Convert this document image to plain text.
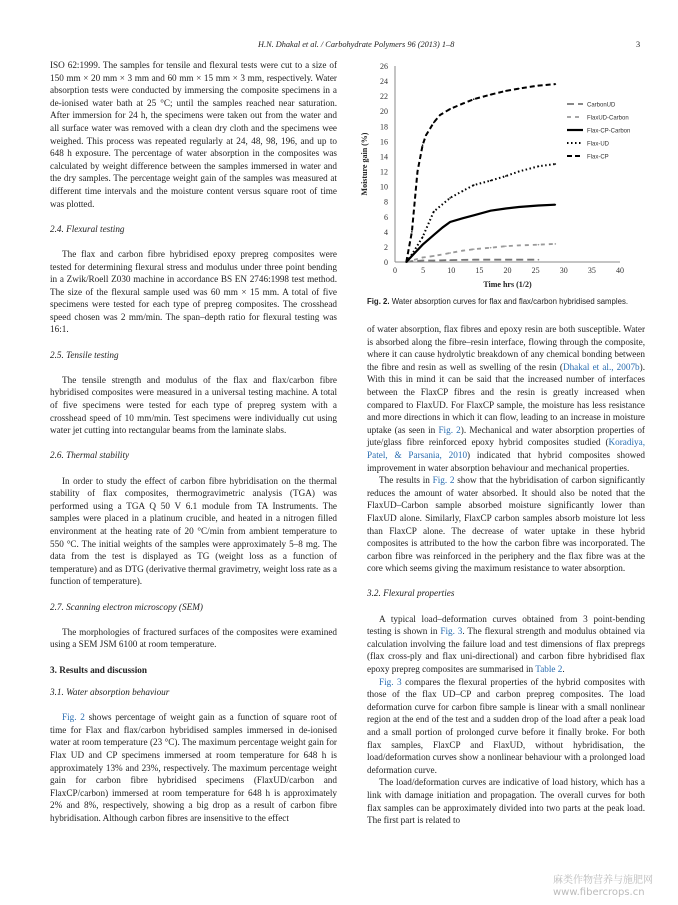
H.N. Dhakal et al. / Carbohydrate Polymers 96 (2013) 1–8	3

ISO 62:1999. The samples for tensile and flexural tests were cut to a size of 150 mm × 20 mm × 3 mm and 60 mm × 15 mm × 3 mm, respectively. Water absorption tests were conducted by immersing the composite specimens in a de-ionised water bath at 25 °C; until the samples reached near saturation. After immersion for 24 h, the specimens were taken out from the water and all surface water was removed with a clean dry cloth and the specimens wee weighed. This process was repeated regularly at 24, 48, 98, 196, and up to 648 h exposure. The percentage of water absorption in the composites was calculated by weight difference between the samples immersed in water and the dry samples. The percentage weight gain of the samples was measured at different time intervals and the moisture content versus square root of time was plotted.

2.4. Flexural testing

The flax and carbon fibre hybridised epoxy prepreg composites were tested for determining flexural stress and modulus under three point bending in a Zwik/Roell Z030 machine in accordance BS EN 2746:1998 test method. The size of the flexural sample used was 60 mm × 15 mm. A total of five specimens were tested for each type of prepreg composites. The crosshead speed chosen was 2 mm/min. The span–depth ratio for flexural testing was 16:1.

2.5. Tensile testing

The tensile strength and modulus of the flax and flax/carbon fibre hybridised composites were measured in a universal testing machine. A total of five specimens were tested for each type of prepreg system with a crosshead speed of 10 mm/min. Test specimens were individually cut using water jet cutting into rectangular beams from the laminate slabs.

2.6. Thermal stability

In order to study the effect of carbon fibre hybridisation on the thermal stability of flax composites, thermogravimetric analysis (TGA) was performed using a TGA Q 50 V 6.1 module from TA Instruments. The samples were placed in a platinum crucible, and heated in a nitrogen filled environment at the heating rate of 20 °C/min from ambient temperature to 550 °C. The initial weights of the samples were approximately 5–8 mg. The data from the test is displayed as TG (weight loss as a function of temperature) and as DTG (derivative thermal gravimetry, weight loss rate as a function of temperature).

2.7. Scanning electron microscopy (SEM)

The morphologies of fractured surfaces of the composites were examined using a SEM JSM 6100 at room temperature.

3. Results and discussion

3.1. Water absorption behaviour

Fig. 2 shows percentage of weight gain as a function of square root of time for Flax and flax/carbon hybridised samples immersed in de-ionised water at room temperature (23 °C). The maximum percentage weight gain for Flax UD and CP specimens immersed at room temperature for 648 h is approximately 13% and 23%, respectively. The maximum percentage weight gain for carbon fibre hybridised specimens (FlaxUD/carbon and FlaxCP/carbon) immersed at room temperature for 648 h is approximately 2% and 8%, respectively, showing a big drop as a result of carbon fibre hybridisation. Although carbon fibres are insensitive to the effect

0
2
4
6
8
10
12
14
16
18
20
22
24
26
0	5	10	15	20	25	30	35	40
Time hrs (1/2)
Moisture gain (%)
CarbonUD
FlaxUD-Carbon
Flax-CP-Carbon
Flax-UD
Flax-CP
Fig. 2. Water absorption curves for flax and flax/carbon hybridised samples.

of water absorption, flax fibres and epoxy resin are both susceptible. Water is absorbed along the fibre–resin interface, flowing through the composite, where it can cause hydrolytic breakdown of any chemical bonding between the fibre and resin as well as swelling of the resin (Dhakal et al., 2007b). With this in mind it can be said that the increased number of interfaces between the FlaxCP fibres and the resin is greatly increased when compared to FlaxUD. For FlaxCP sample, the moisture has less resistance and more directions in which it can flow, leading to an increase in moisture uptake (as seen in Fig. 2). Mechanical and water absorption properties of jute/glass fibre reinforced epoxy hybrid composites studied (Koradiya, Patel, & Parsania, 2010) indicated that hybrid composites showed improvement in water absorption behaviour and mechanical properties.

The results in Fig. 2 show that the hybridisation of carbon significantly reduces the amount of water absorbed. It should also be noted that the FlaxUD–Carbon sample absorbed moisture significantly lower than FlaxUD alone. Similarly, FlaxCP carbon samples absorb moisture lot less than FlaxCP alone. The decrease of water uptake in these hybrid composites is attributed to the how the carbon fibre was incorporated. The carbon fibre was reinforced in the periphery and the flax fibre was at the core which seems giving the maximum resistance to water absorption.

3.2. Flexural properties

A typical load–deformation curves obtained from 3 point-bending testing is shown in Fig. 3. The flexural strength and modulus obtained via calculation involving the failure load and test dimensions of flax prepregs (flax cross-ply and flax uni-directional) and carbon fibre hybridised flax epoxy prepreg composites are summarised in Table 2.

Fig. 3 compares the flexural properties of the hybrid composites with those of the flax UD–CP and carbon prepreg composites. The load deformation curve for carbon fibre sample is linear with a small nonlinear region at the end of the test and a sudden drop of the load after a peak load and a small portion of prolonged curve before it finally broke. For both flax samples, FlaxCP and FlaxUD, without hybridisation, the load/deformation curves show a nonlinear behaviour with a prolonged load deformation curve.

The load/deformation curves are indicative of load history, which has a link with damage initiation and propagation. The overall curves for both flax samples can be approximately divided into two parts at the peak load. The first part is related to

麻类作物营养与施肥网
www.fibercrops.cn
